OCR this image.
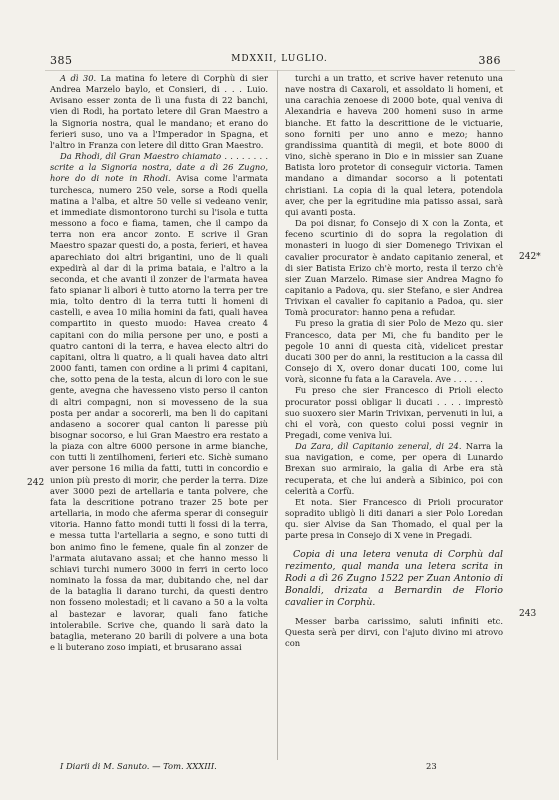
385	MDXXII, LUGLIO.	386

A dì 30. La matina fo letere di Corphù di sier Andrea Marzelo baylo, et Consieri, di . . . Luio. Avisano esser zonta de lì una fusta di 22 banchi, vien di Rodi, ha portato letere dil Gran Maestro a la Signoria nostra, qual le mandano; et erano do ferieri suso, uno va a l'Imperador in Spagna, et l'altro in Franza con letere dil ditto Gran Maestro.

Da Rhodi, dil Gran Maestro chiamato . . . . . . . . scrite a la Signoria nostra, date a dì 26 Zugno, hore do di note in Rhodi. Avisa come l'armata turchesca, numero 250 vele, sorse a Rodi quella matina a l'alba, et altre 50 velle si vedeano venir, et immediate dismontorono turchi su l'isola e tutta messono a foco e fiama, tamen, che il campo da terra non era ancor zonto. E scrive il Gran Maestro spazar questi do, a posta, ferieri, et havea aparechiato doi altri brigantini, uno de li quali expedirà al dar di la prima bataia, e l'altro a la seconda, et che avanti il zonzer de l'armata havea fato spianar li albori è tutto atorno la terra per tre mia, tolto dentro di la terra tutti li homeni di castelli, e avea 10 milia homini da fati, quali havea compartito in questo muodo: Havea creato 4 capitani con do milia persone per uno, e posti a quatro cantoni di la terra, e havea electo altri do capitani, oltra li quatro, a li quali havea dato altri 2000 fanti, tamen con ordine a li primi 4 capitani, che, sotto pena de la testa, alcun di loro con le sue gente, avegna che havesseno visto perso il canton di altri compagni, non si movesseno de la sua posta per andar a socorerli, ma ben li do capitani andaseno a socorer qual canton li paresse più bisognar socorso, e lui Gran Maestro era restato a la piaza con altre 6000 persone in arme bianche, con tutti li zentilhomeni, ferieri etc. Sichè sumano aver persone 16 milia da fatti, tutti in concordio e union più presto di morir, che perder la terra. Dize aver 3000 pezi de artellaria e tanta polvere, che fata la descritione potrano trazer 25 bote per artellaria, in modo che aferma sperar di conseguir vitoria. Hanno fatto mondi tutti li fossi di la terra, e messa tutta l'artellaria a segno, e sono tutti di bon animo fino le femene, quale fin al zonzer de l'armata aiutavano assai; et che hanno messo li schiavi turchi numero 3000 in ferri in certo loco nominato la fossa da mar, dubitando che, nel dar de la bataglia li darano turchi, da questi dentro non fosseno molestadi; et li cavano a 50 a la volta al bastezar e lavorar, quali fano fatiche intolerabile. Scrive che, quando li sarà dato la bataglia, meterano 20 barili di polvere a una bota e li buterano zoso impiati, et brusarano assai

turchi a un tratto, et scrive haver retenuto una nave nostra di Caxaroli, et assoldato li homeni, et una carachia zenoese di 2000 bote, qual veniva di Alexandria e haveva 200 homeni suso in arme bianche. Et fatto la descrittione de le victuarie, sono forniti per uno anno e mezo; hanno grandissima quantità di megii, et bote 8000 di vino, sichè sperano in Dio e in missier san Zuane Batista loro protetor di conseguir victoria. Tamen mandano a dimandar socorso a li potentati christiani. La copia di la qual letera, potendola aver, che per la egritudine mia patisso assai, sarà qui avanti posta.

Da poi disnar, fo Consejo di X con la Zonta, et feceno scurtinio di do sopra la regolation di monasteri in luogo di sier Domenego Trivixan el cavalier procurator è andato capitanio zeneral, et di sier Batista Erizo ch'è morto, resta il terzo ch'è sier Zuan Marzelo. Rimase sier Andrea Magno fo capitanio a Padova, qu. sier Stefano, e sier Andrea Trivixan el cavalier fo capitanio a Padoa, qu. sier Tomà procurator: hanno pena a refudar.

Fu preso la gratia di sier Polo de Mezo qu. sier Francesco, data per Mi, che fu bandito per le pegole 10 anni di questa cità, videlicet prestar ducati 300 per do anni, la restitucion a la cassa dil Consejo di X, overo donar ducati 100, come lui vorà, siconne fu fata a la Caravela. Ave . . . . . .

Fu preso che sier Francesco di Prioli electo procurator possi obligar li ducati . . . . imprestò suo suoxero sier Marin Trivixan, pervenuti in lui, a chi el vorà, con questo colui possi vegnir in Pregadi, come veniva lui.

Da Zara, dil Capitanio zeneral, di 24. Narra la sua navigation, e come, per opera di Lunardo Brexan suo armiraio, la galia di Arbe era stà recuperata, et che lui anderà a Sibinico, poi con celerità a Corfù.

Et nota. Sier Francesco di Prioli procurator sopradito ubligò li diti danari a sier Polo Loredan qu. sier Alvise da San Thomado, el qual per la parte presa in Consejo di X vene in Pregadi.

Copia di una letera venuta di Corphù dal rezimento, qual manda una letera scrita in Rodi a dì 26 Zugno 1522 per Zuan Antonio di Bonaldi, drizata a Bernardin de Florio cavalier in Corphù.

Messer barba carissimo, saluti infiniti etc. Questa serà per dirvi, con l'ajuto divino mi atrovo con

242*
242
243
I Diarii di M. Sanuto. — Tom. XXXIII.	23
